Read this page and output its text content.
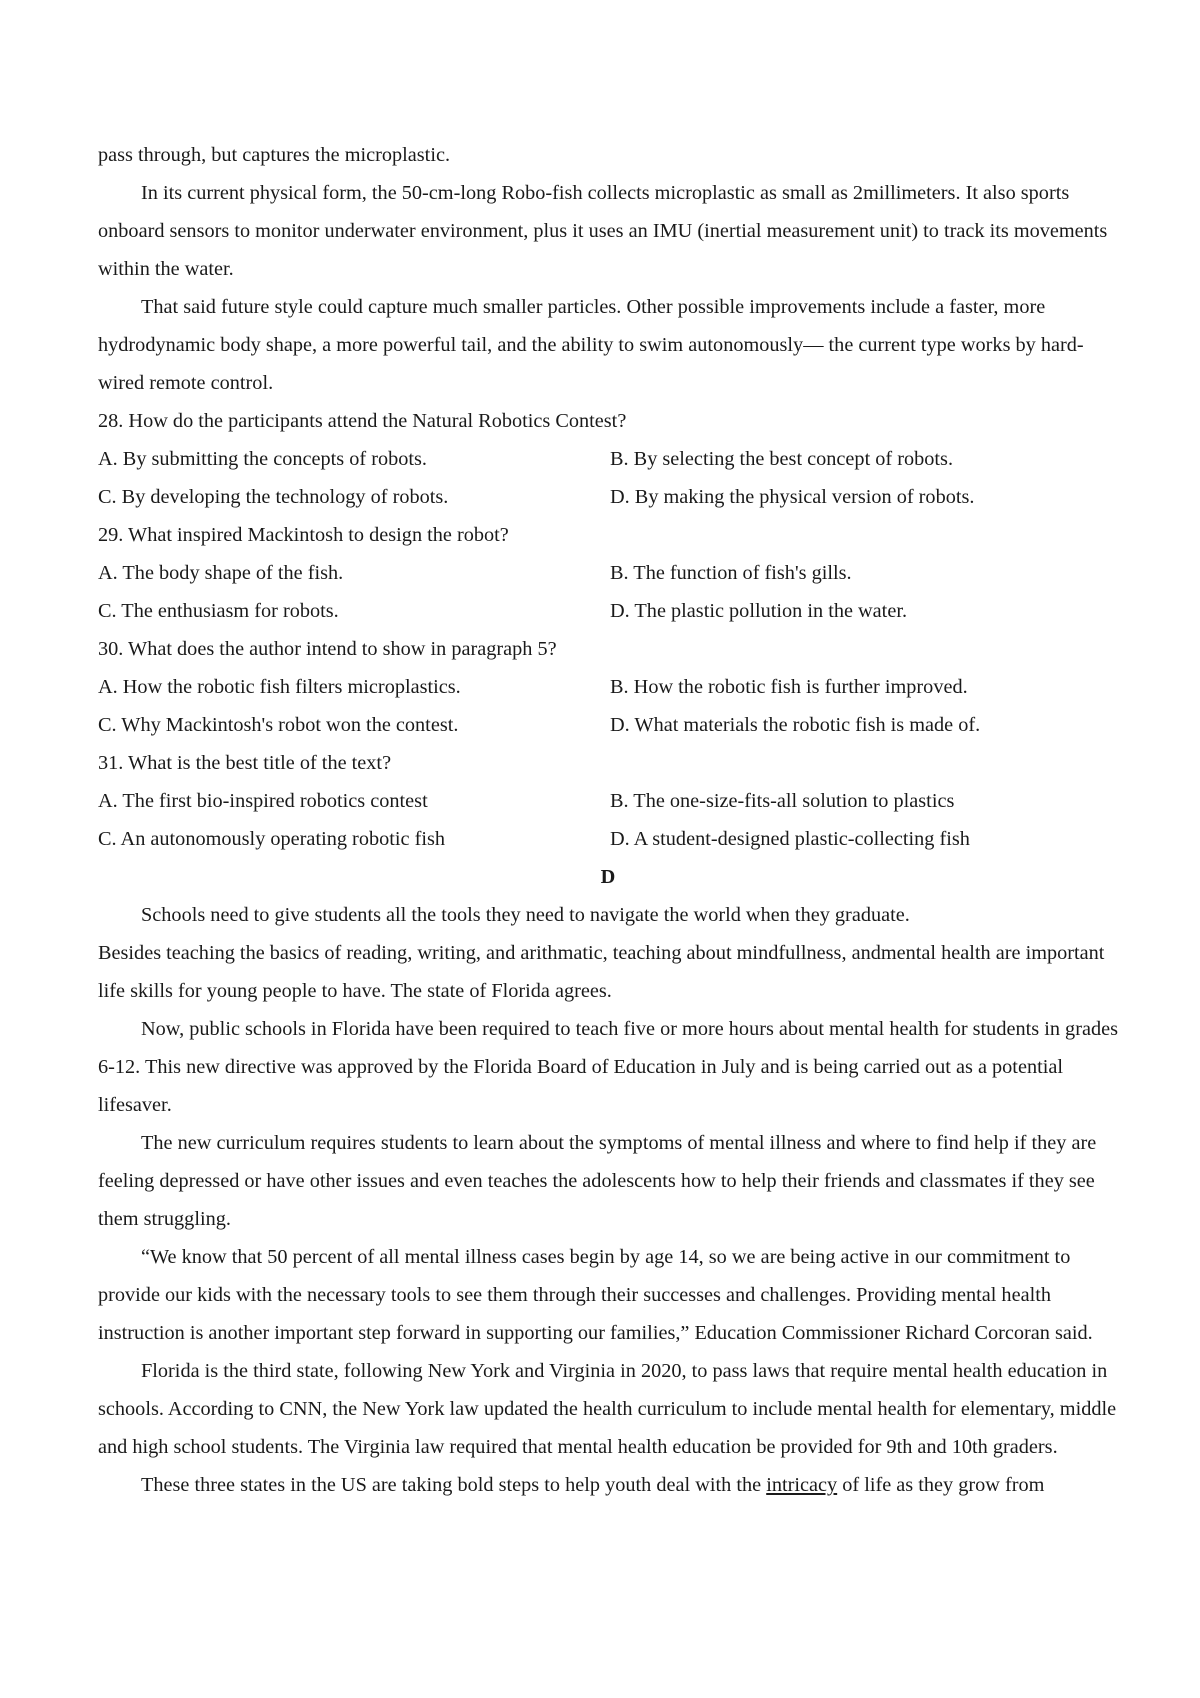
pass through, but captures the microplastic.

In its current physical form, the 50-cm-long Robo-fish collects microplastic as small as 2millimeters. It also sports onboard sensors to monitor underwater environment, plus it uses an IMU (inertial measurement unit) to track its movements within the water.

That said future style could capture much smaller particles. Other possible improvements include a faster, more hydrodynamic body shape, a more powerful tail, and the ability to swim autonomously— the current type works by hard-wired remote control.

28. How do the participants attend the Natural Robotics Contest?

A. By submitting the concepts of robots.	B. By selecting the best concept of robots.

C. By developing the technology of robots.	D. By making the physical version of robots.

29. What inspired Mackintosh to design the robot?

A. The body shape of the fish.	B. The function of fish's gills.

C. The enthusiasm for robots.	D. The plastic pollution in the water.

30. What does the author intend to show in paragraph 5?

A. How the robotic fish filters microplastics.	B. How the robotic fish is further improved.

C. Why Mackintosh's robot won the contest.	D. What materials the robotic fish is made of.

31. What is the best title of the text?

A. The first bio-inspired robotics contest	B. The one-size-fits-all solution to plastics

C. An autonomously operating robotic fish	D. A student-designed plastic-collecting fish

D

Schools need to give students all the tools they need to navigate the world when they graduate.

Besides teaching the basics of reading, writing, and arithmatic, teaching about mindfullness, andmental health are important life skills for young people to have. The state of Florida agrees.

Now, public schools in Florida have been required to teach five or more hours about mental health for students in grades 6-12. This new directive was approved by the Florida Board of Education in July and is being carried out as a potential lifesaver.

The new curriculum requires students to learn about the symptoms of mental illness and where to find help if they are feeling depressed or have other issues and even teaches the adolescents how to help their friends and classmates if they see them struggling.

“We know that 50 percent of all mental illness cases begin by age 14, so we are being active in our commitment to provide our kids with the necessary tools to see them through their successes and challenges. Providing mental health instruction is another important step forward in supporting our families,” Education Commissioner Richard Corcoran said.

Florida is the third state, following New York and Virginia in 2020, to pass laws that require mental health education in schools. According to CNN, the New York law updated the health curriculum to include mental health for elementary, middle and high school students. The Virginia law required that mental health education be provided for 9th and 10th graders.

These three states in the US are taking bold steps to help youth deal with the intricacy of life as they grow from
